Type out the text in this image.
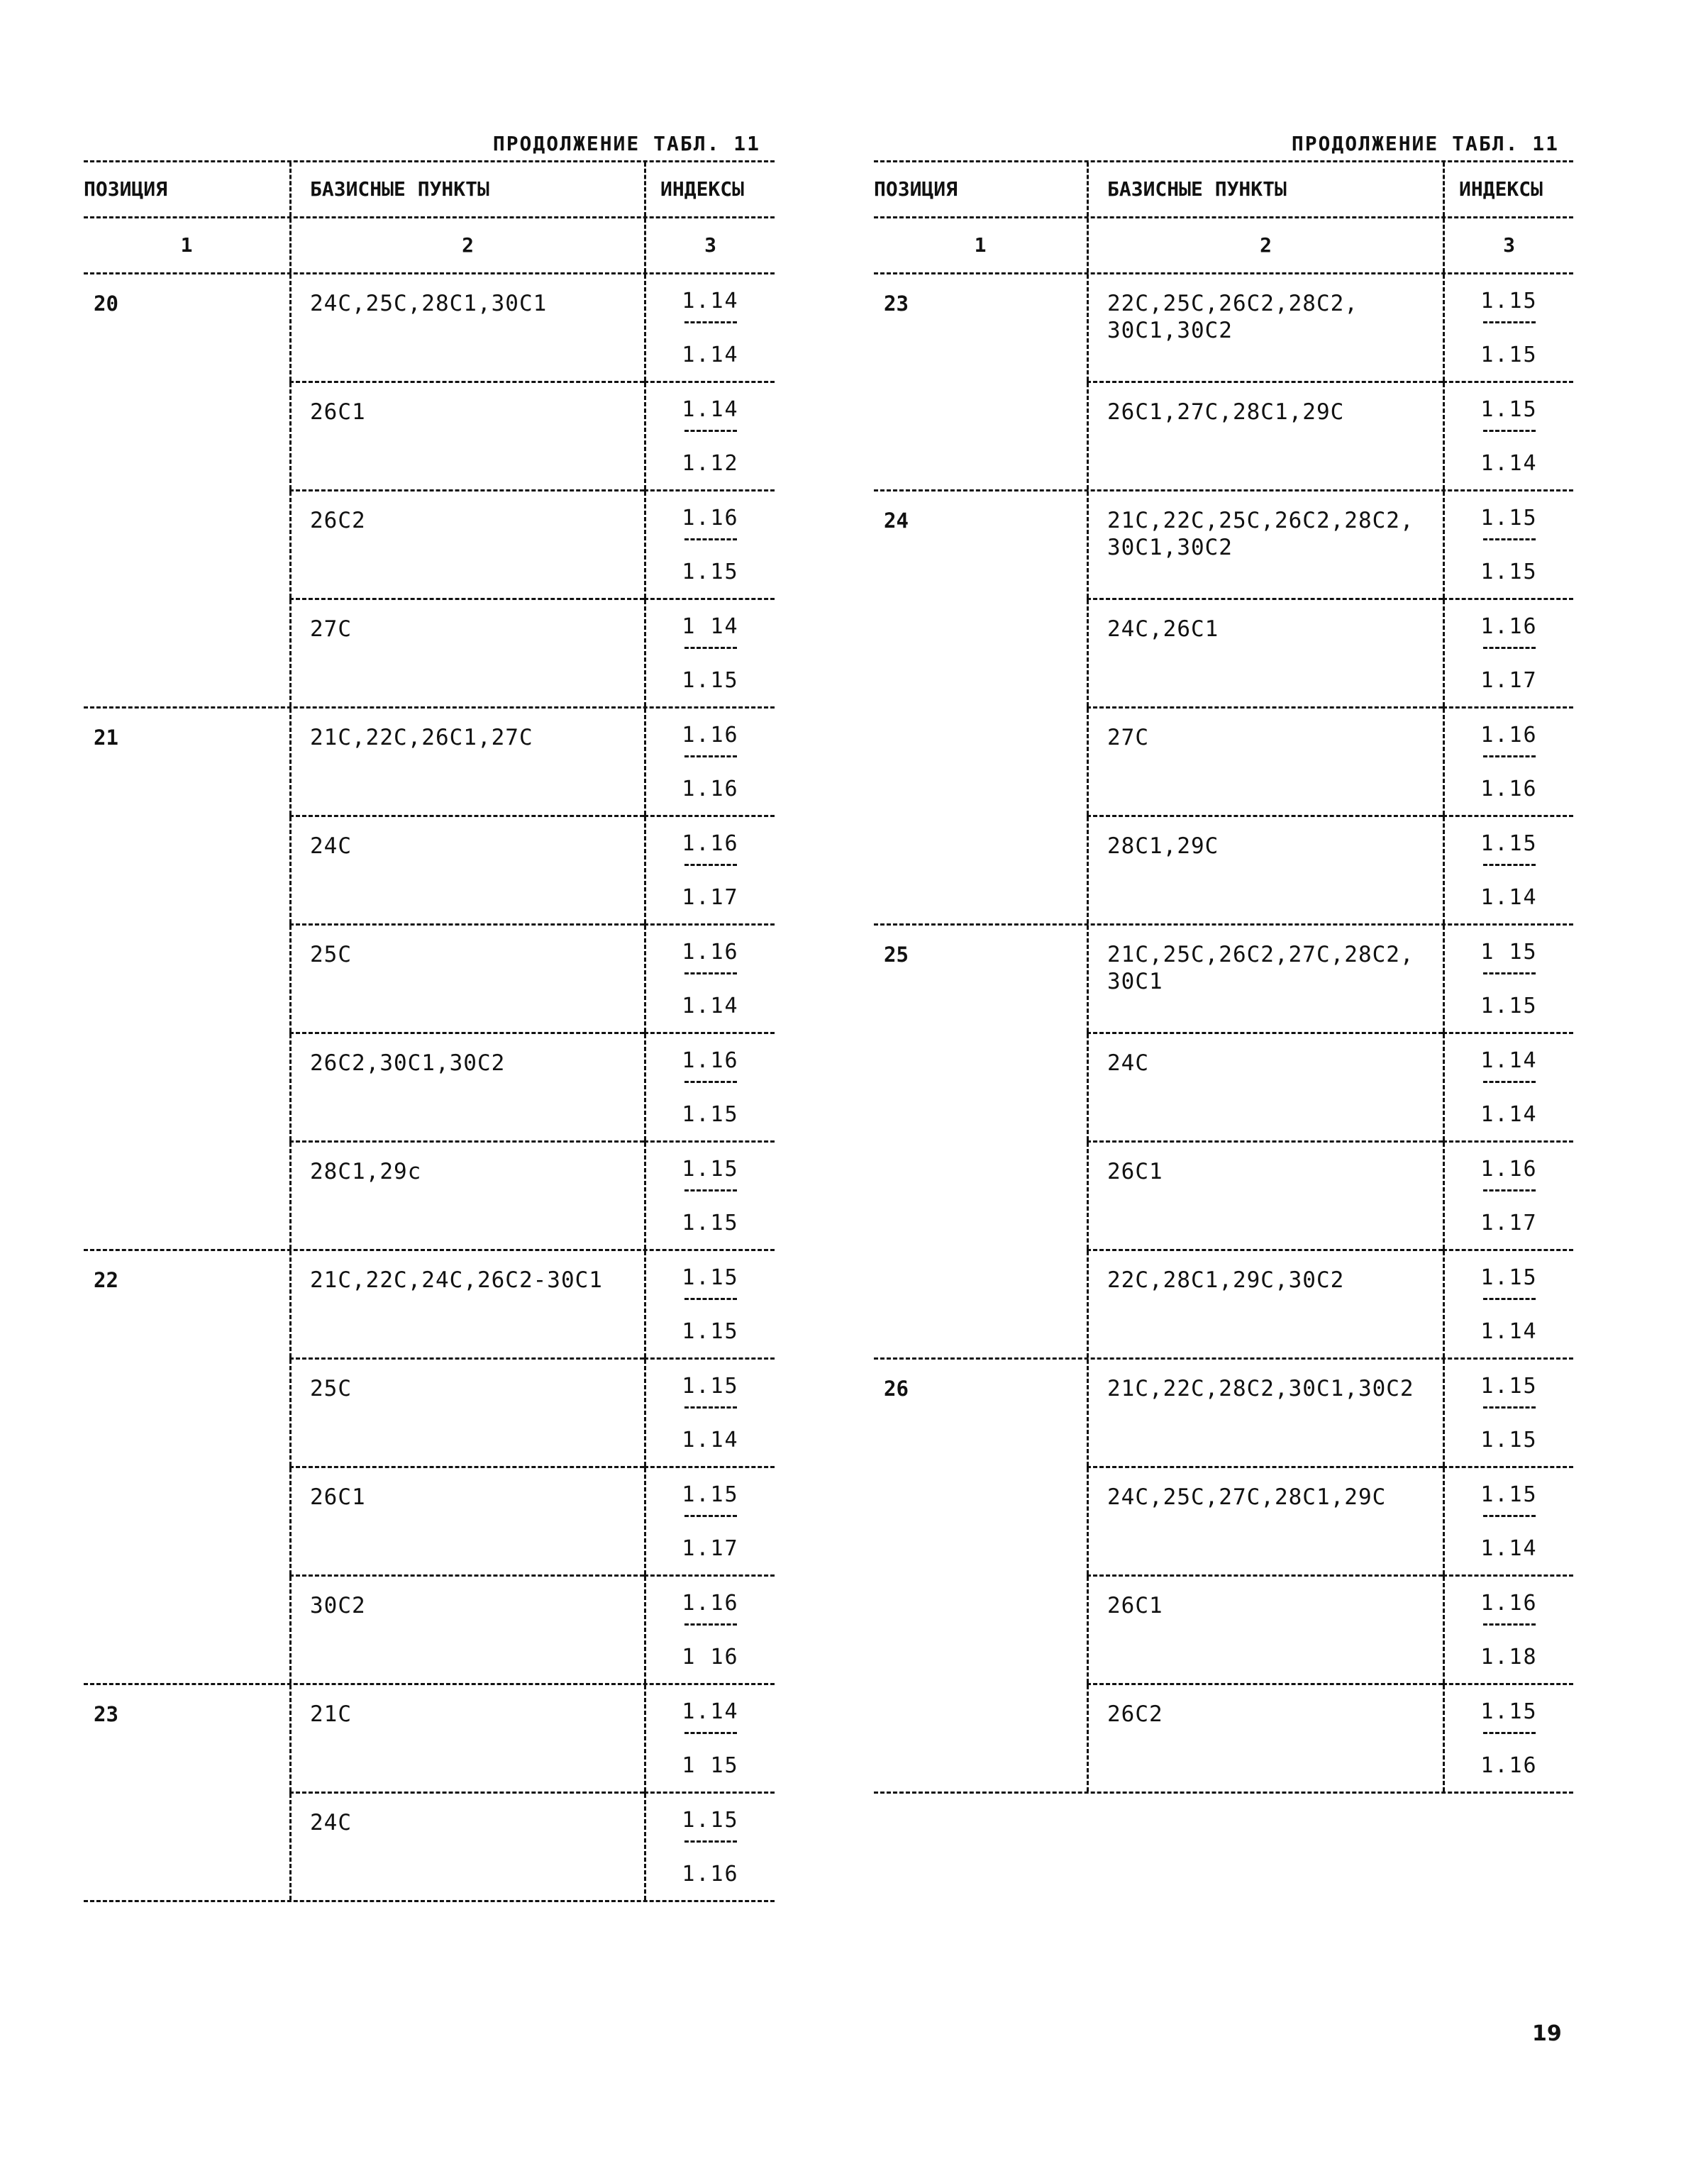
ПРОДОЛЖЕНИЕ ТАБЛ. 11
ПОЗИЦИЯ	БАЗИСНЫЕ ПУНКТЫ	ИНДЕКСЫ
1	2	3
20	24С,25С,28С1,30С1	1.14
1.14
26С1	1.14
1.12
26С2	1.16
1.15
27С	1 14
1.15
21	21С,22С,26С1,27С	1.16
1.16
24С	1.16
1.17
25С	1.16
1.14
26С2,30С1,30С2	1.16
1.15
28С1,29с	1.15
1.15
22	21С,22С,24С,26С2-30С1	1.15
1.15
25С	1.15
1.14
26С1	1.15
1.17
30С2	1.16
1 16
23	21С	1.14
1 15
24С	1.15
1.16
ПРОДОЛЖЕНИЕ ТАБЛ. 11
ПОЗИЦИЯ	БАЗИСНЫЕ ПУНКТЫ	ИНДЕКСЫ
1	2	3
23	22С,25С,26С2,28С2,
30С1,30С2
1.15
1.15
26С1,27С,28С1,29С	1.15
1.14
24	21С,22С,25С,26С2,28С2,
30С1,30С2
1.15
1.15
24С,26С1	1.16
1.17
27С	1.16
1.16
28С1,29С	1.15
1.14
25	21С,25С,26С2,27С,28С2,
30С1
1 15
1.15
24С	1.14
1.14
26С1	1.16
1.17
22С,28С1,29С,30С2	1.15
1.14
26	21С,22С,28С2,30С1,30С2	1.15
1.15
24С,25С,27С,28С1,29С	1.15
1.14
26С1	1.16
1.18
26С2	1.15
1.16
19
